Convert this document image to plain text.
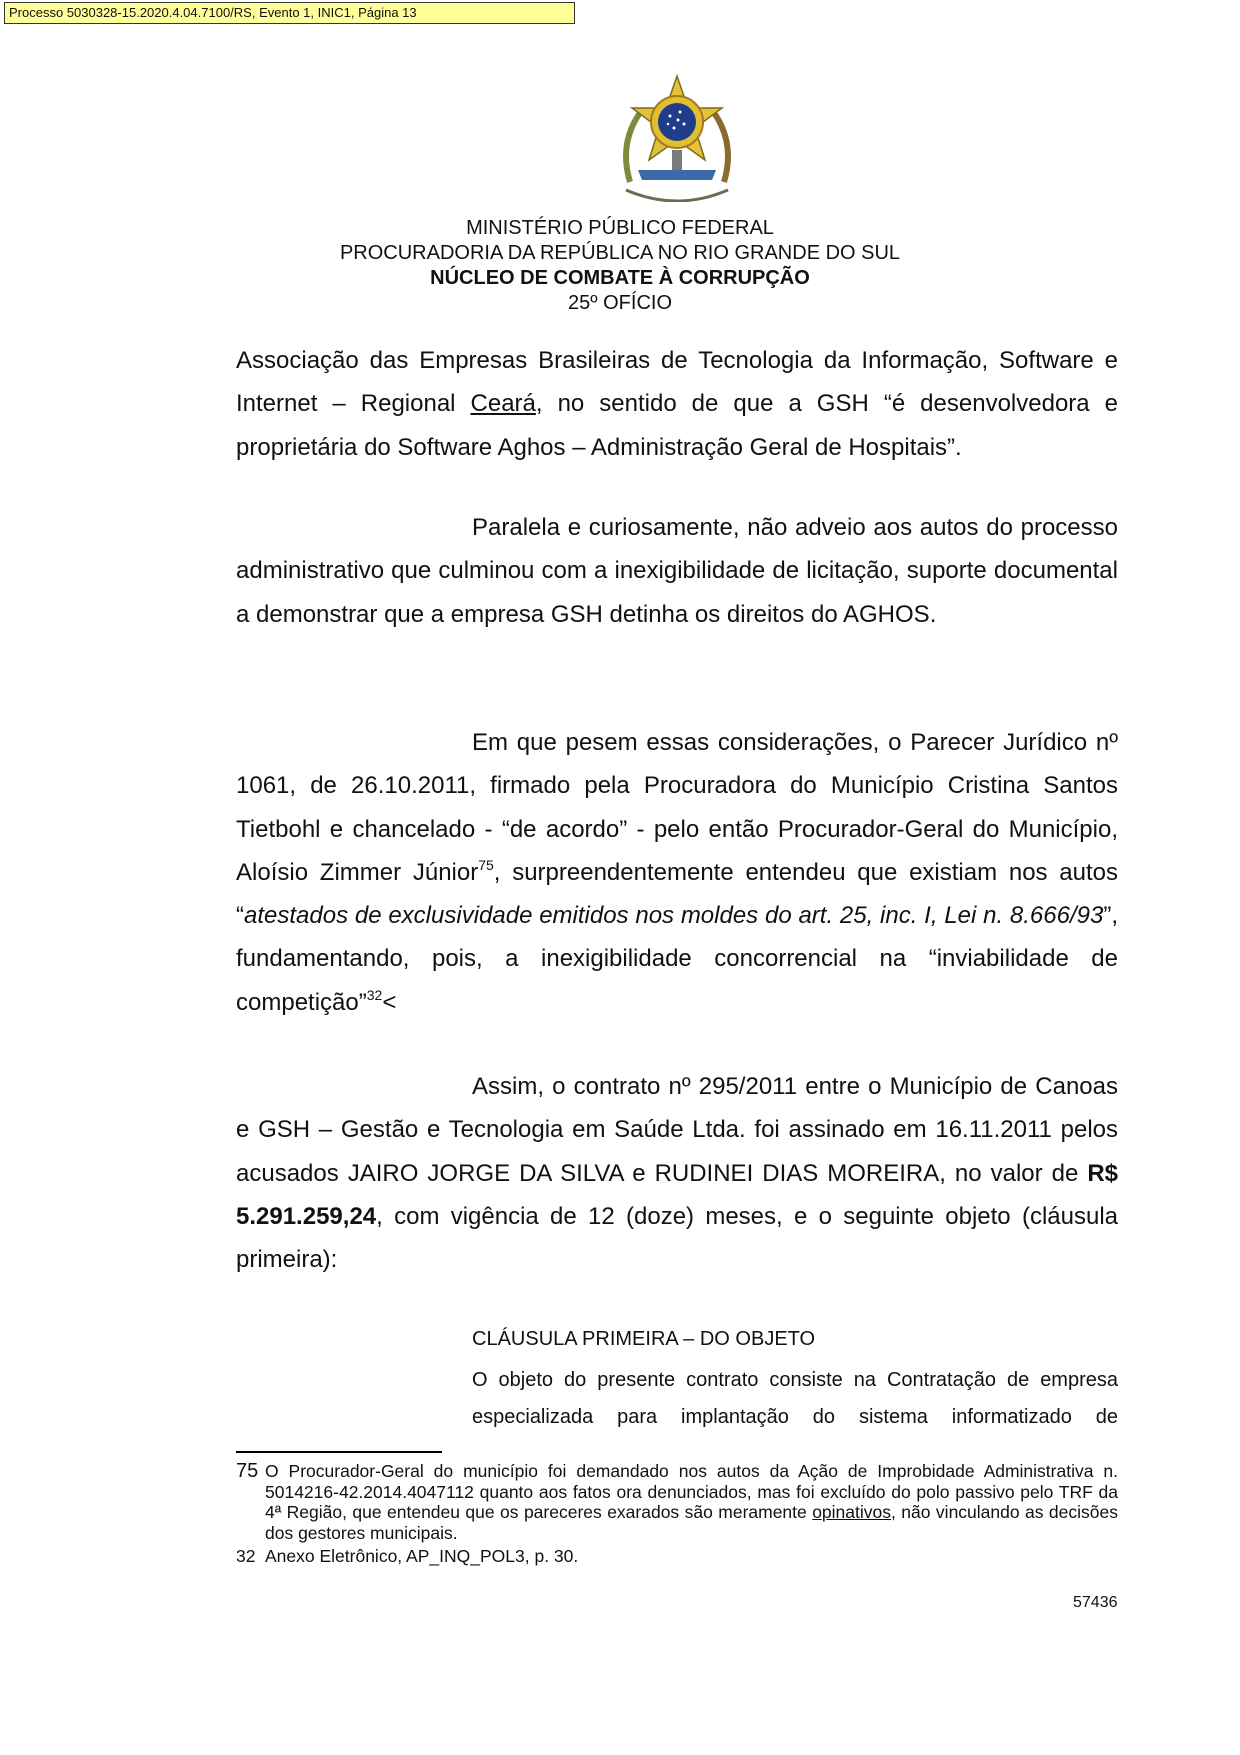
Processo 5030328-15.2020.4.04.7100/RS, Evento 1, INIC1, Página 13
MINISTÉRIO PÚBLICO FEDERAL
PROCURADORIA DA REPÚBLICA NO RIO GRANDE DO SUL
NÚCLEO DE COMBATE À CORRUPÇÃO
25º OFÍCIO

Associação das Empresas Brasileiras de Tecnologia da Informação, Software e Internet – Regional Ceará, no sentido de que a GSH “é desenvolvedora e proprietária do Software Aghos – Administração Geral de Hospitais”.

Paralela e curiosamente, não adveio aos autos do processo administrativo que culminou com a inexigibilidade de licitação, suporte documental a demonstrar que a empresa GSH detinha os direitos do AGHOS.

Em que pesem essas considerações, o Parecer Jurídico nº 1061, de 26.10.2011, firmado pela Procuradora do Município Cristina Santos Tietbohl e chancelado - “de acordo” - pelo então Procurador-Geral do Município, Aloísio Zimmer Júnior$^{75}$, surpreendentemente entendeu que existiam nos autos “atestados de exclusividade emitidos nos moldes do art. 25, inc. I, Lei n. 8.666/93”, fundamentando, pois, a inexigibilidade concorrencial na “inviabilidade de competição”$^{32}$<

Assim, o contrato nº 295/2011 entre o Município de Canoas e GSH – Gestão e Tecnologia em Saúde Ltda. foi assinado em 16.11.2011 pelos acusados JAIRO JORGE DA SILVA e RUDINEI DIAS MOREIRA, no valor de R$ 5.291.259,24, com vigência de 12 (doze) meses, e o seguinte objeto (cláusula primeira):

CLÁUSULA PRIMEIRA – DO OBJETO

O objeto do presente contrato consiste na Contratação de empresa especializada para implantação do sistema informatizado de

75 O Procurador-Geral do município foi demandado nos autos da Ação de Improbidade Administrativa n. 5014216-42.2014.4047112 quanto aos fatos ora denunciados, mas foi excluído do polo passivo pelo TRF da 4ª Região, que entendeu que os pareceres exarados são meramente opinativos, não vinculando as decisões dos gestores municipais.
32 Anexo Eletrônico, AP_INQ_POL3, p. 30.
57436
